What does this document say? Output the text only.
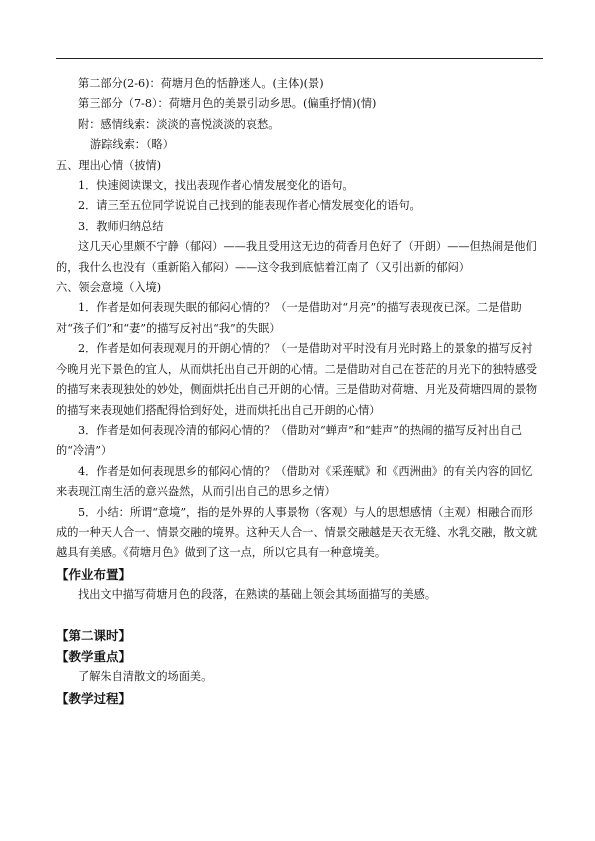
第二部分(2-6)：荷塘月色的恬静迷人。(主体)(景)

第三部分（7-8）：荷塘月色的美景引动乡思。(偏重抒情)(情)

附：感情线索：淡淡的喜悦淡淡的哀愁。

游踪线索：（略）

五、理出心情（披情)

1．快速阅读课文，找出表现作者心情发展变化的语句。

2．请三至五位同学说说自己找到的能表现作者心情发展变化的语句。

3．教师归纳总结

这几天心里颇不宁静（郁闷）——我且受用这无边的荷香月色好了（开朗）——但热闹是他们的，我什么也没有（重新陷入郁闷）——这令我到底惦着江南了（又引出新的郁闷）

六、领会意境（入境)

1．作者是如何表现失眠的郁闷心情的？（一是借助对“月亮”的描写表现夜已深。二是借助对“孩子们”和“妻”的描写反衬出“我”的失眠）

2．作者是如何表现观月的开朗心情的？（一是借助对平时没有月光时路上的景象的描写反衬今晚月光下景色的宜人，从而烘托出自己开朗的心情。二是借助对自己在苍茫的月光下的独特感受的描写来表现独处的妙处，侧面烘托出自己开朗的心情。三是借助对荷塘、月光及荷塘四周的景物的描写来表现她们搭配得恰到好处，进而烘托出自己开朗的心情）

3．作者是如何表现冷清的郁闷心情的？（借助对“蝉声”和“蛙声”的热闹的描写反衬出自己的“冷清”）

4．作者是如何表现思乡的郁闷心情的？（借助对《采莲赋》和《西洲曲》的有关内容的回忆来表现江南生活的意兴盎然，从而引出自己的思乡之情）

5．小结：所谓“意境”，指的是外界的人事景物（客观）与人的思想感情（主观）相融合而形成的一种天人合一、情景交融的境界。这种天人合一、情景交融越是天衣无缝、水乳交融，散文就越具有美感。《荷塘月色》做到了这一点，所以它具有一种意境美。

【作业布置】

找出文中描写荷塘月色的段落，在熟读的基础上领会其场面描写的美感。

【第二课时】

【教学重点】

了解朱自清散文的场面美。

【教学过程】
